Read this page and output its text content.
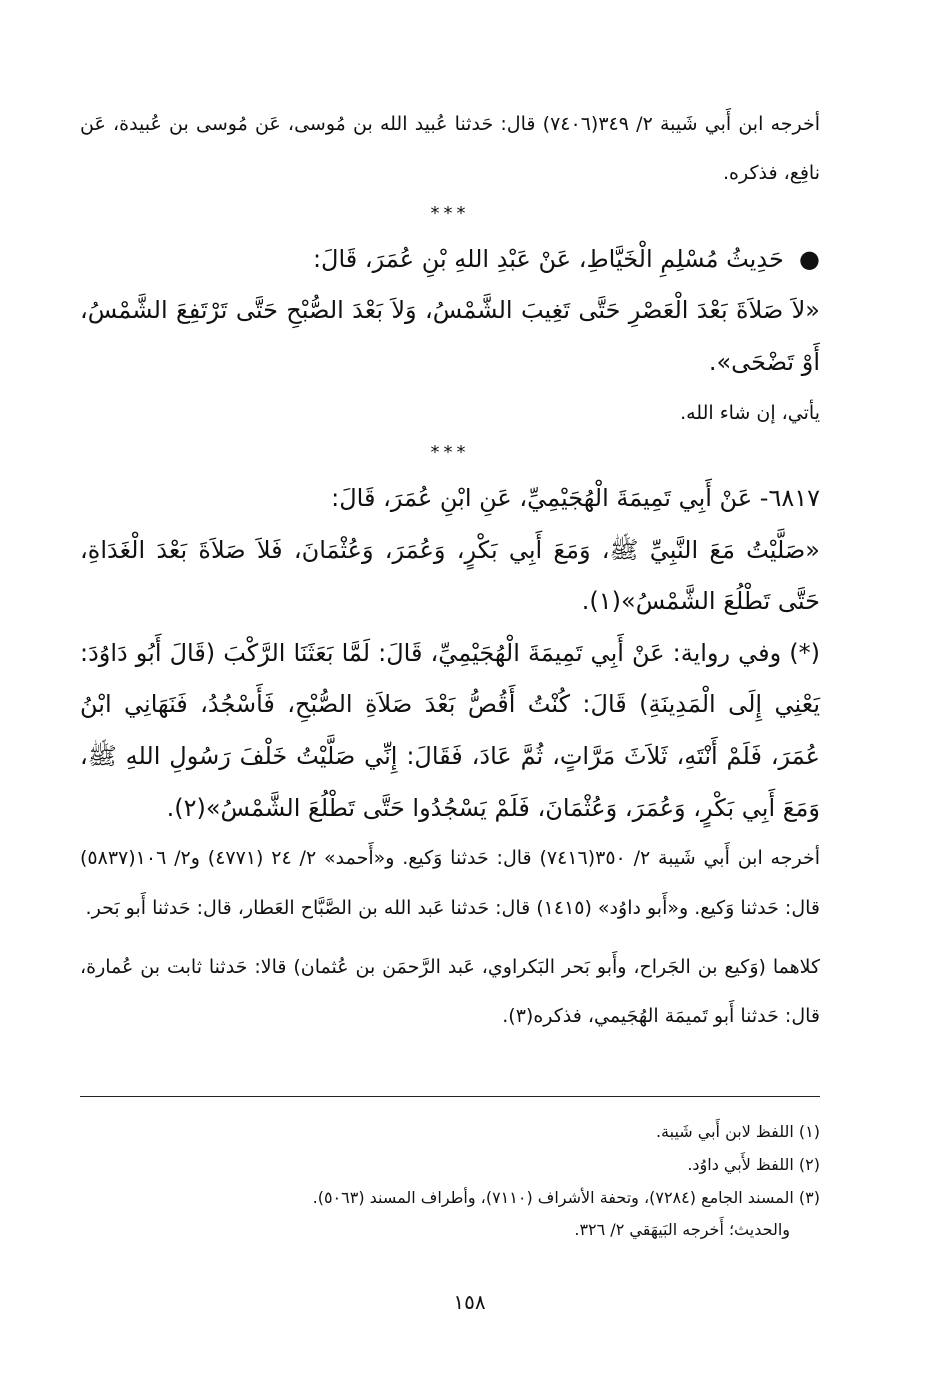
أخرجه ابن أَبي شَيبة ٢/ ٣٤٩(٧٤٠٦) قال: حَدثنا عُبيد الله بن مُوسى، عَن مُوسى بن عُبيدة، عَن نافِع، فذكره.

***

●  حَدِيثُ مُسْلِمِ الْخَيَّاطِ، عَنْ عَبْدِ اللهِ بْنِ عُمَرَ، قَالَ:

«لاَ صَلاَةَ بَعْدَ الْعَصْرِ حَتَّى تَغِيبَ الشَّمْسُ، وَلاَ بَعْدَ الصُّبْحِ حَتَّى تَرْتَفِعَ الشَّمْسُ، أَوْ تَضْحَى».

يأتي، إن شاء الله.

***

٦٨١٧- عَنْ أَبِي تَمِيمَةَ الْهُجَيْمِيِّ، عَنِ ابْنِ عُمَرَ، قَالَ:

«صَلَّيْتُ مَعَ النَّبِيِّ ﷺ، وَمَعَ أَبِي بَكْرٍ، وَعُمَرَ، وَعُثْمَانَ، فَلاَ صَلاَةَ بَعْدَ الْغَدَاةِ، حَتَّى تَطْلُعَ الشَّمْسُ»(١).

(*) وفي رواية: عَنْ أَبِي تَمِيمَةَ الْهُجَيْمِيِّ، قَالَ: لَمَّا بَعَثَنَا الرَّكْبَ (قَالَ أَبُو دَاوُدَ: يَعْنِي إِلَى الْمَدِينَةِ) قَالَ: كُنْتُ أَقُصُّ بَعْدَ صَلاَةِ الصُّبْحِ، فَأَسْجُدُ، فَنَهَانِي ابْنُ عُمَرَ، فَلَمْ أَنْتَهِ، ثَلاَثَ مَرَّاتٍ، ثُمَّ عَادَ، فَقَالَ: إِنِّي صَلَّيْتُ خَلْفَ رَسُولِ اللهِ ﷺ، وَمَعَ أَبِي بَكْرٍ، وَعُمَرَ، وَعُثْمَانَ، فَلَمْ يَسْجُدُوا حَتَّى تَطْلُعَ الشَّمْسُ»(٢).

أخرجه ابن أَبي شَيبة ٢/ ٣٥٠(٧٤١٦) قال: حَدثنا وَكيع. و«أَحمد» ٢/ ٢٤ (٤٧٧١) و٢/ ١٠٦(٥٨٣٧) قال: حَدثنا وَكيع. و«أَبو داوُد» (١٤١٥) قال: حَدثنا عَبد الله بن الصَّبَّاح العَطار، قال: حَدثنا أَبو بَحر.

كلاهما (وَكيع بن الجَراح، وأَبو بَحر البَكراوي، عَبد الرَّحمَن بن عُثمان) قالا: حَدثنا ثابت بن عُمارة، قال: حَدثنا أَبو تَميمَة الهُجَيمي، فذكره(٣).

(١) اللفظ لابن أَبي شَيبة.

(٢) اللفظ لأَبي داوُد.

(٣) المسند الجامع (٧٢٨٤)، وتحفة الأشراف (٧١١٠)، وأطراف المسند (٥٠٦٣).

والحديث؛ أَخرجه البَيهَقي ٢/ ٣٢٦.

١٥٨
